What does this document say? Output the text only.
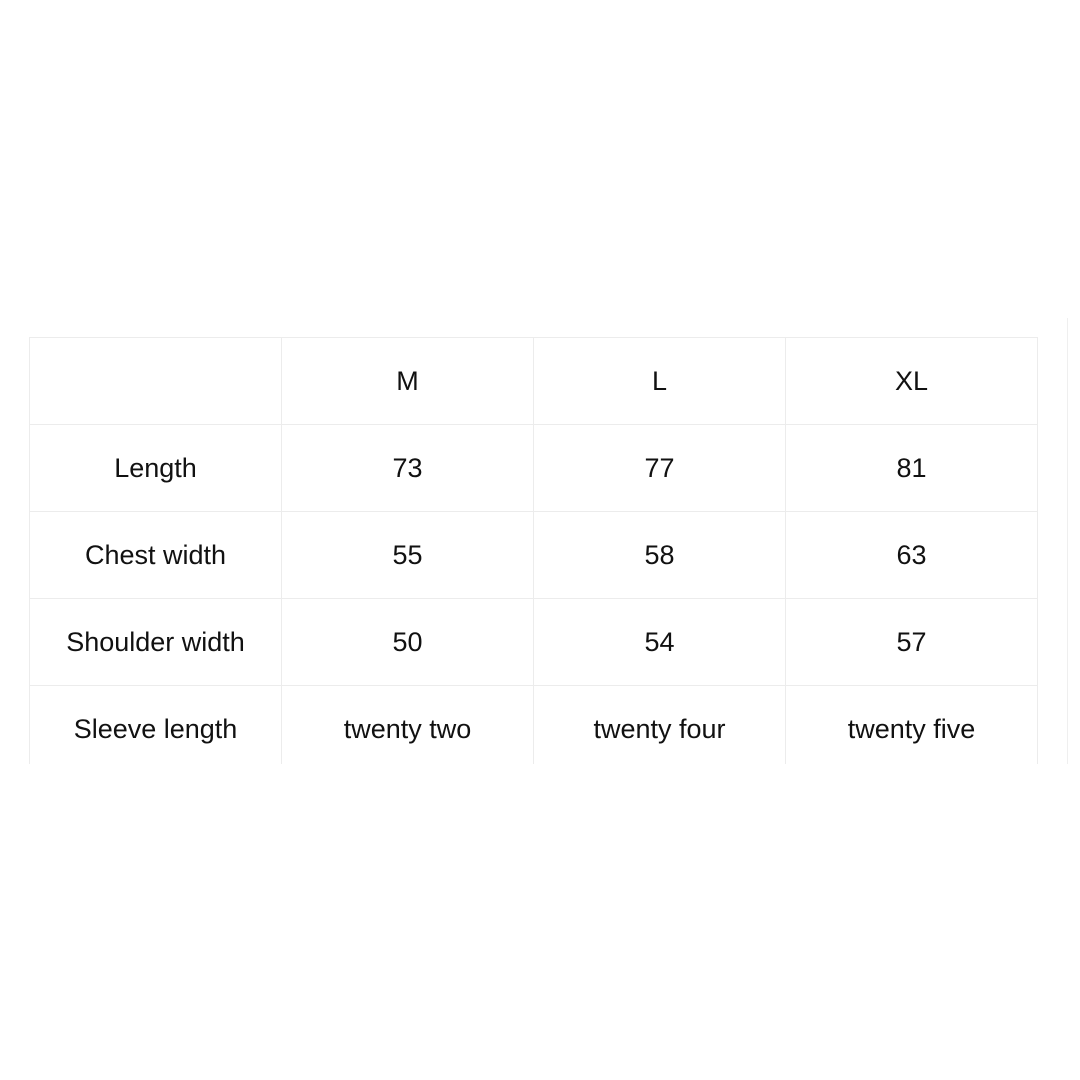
	M	L	XL
Length	73	77	81
Chest width	55	58	63
Shoulder width	50	54	57
Sleeve length	twenty two	twenty four	twenty five
